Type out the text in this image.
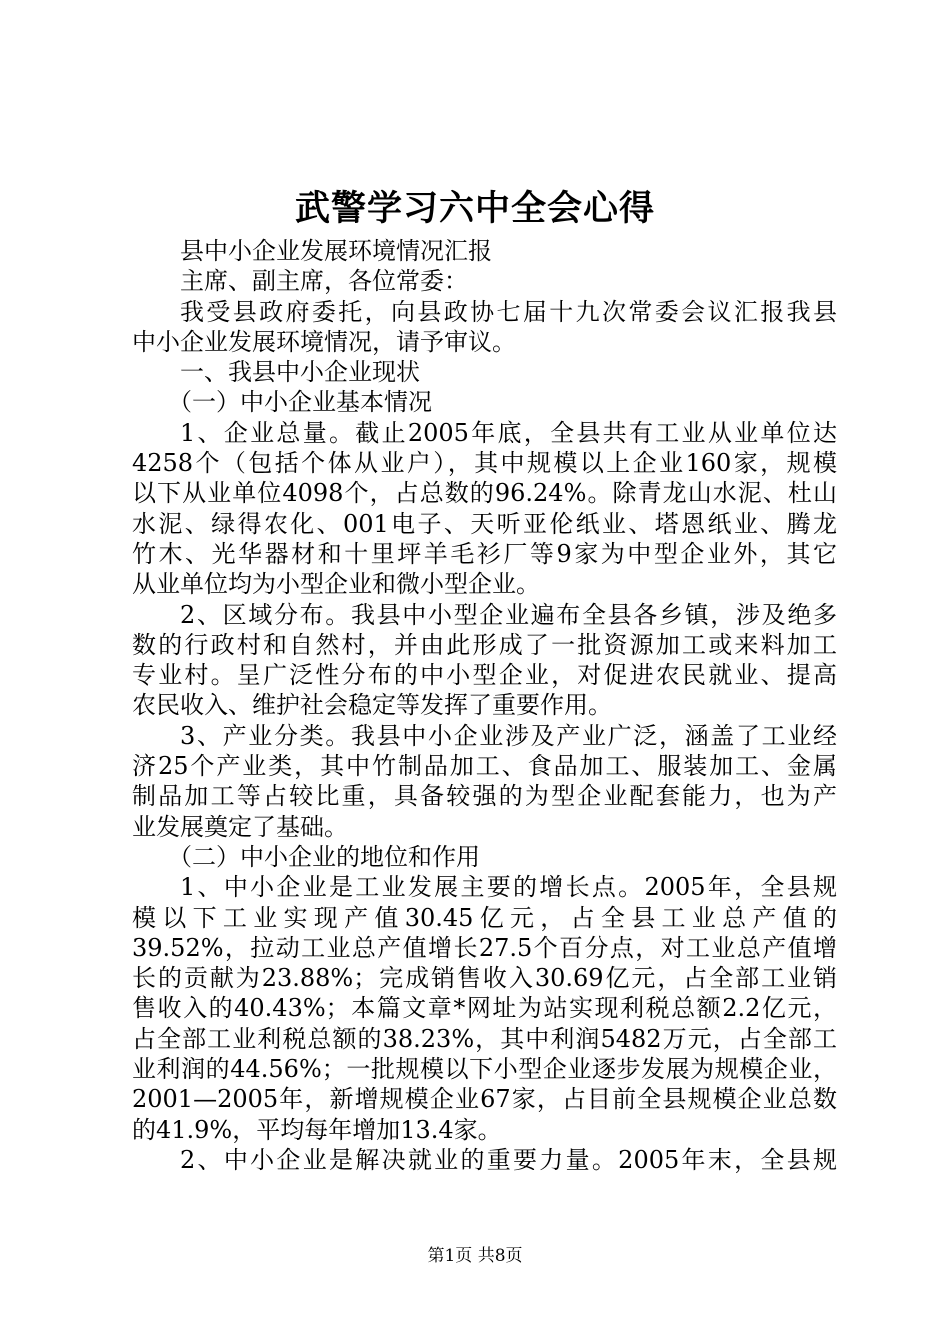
武警学习六中全会心得
县中小企业发展环境情况汇报
主席、副主席，各位常委：
我受县政府委托，向县政协七届十九次常委会议汇报我县
中小企业发展环境情况，请予审议。
一、我县中小企业现状
（一）中小企业基本情况
1、企业总量。截止2005年底，全县共有工业从业单位达
4258个（包括个体从业户），其中规模以上企业160家，规模
以下从业单位4098个，占总数的96.24%。除青龙山水泥、杜山
水泥、绿得农化、001电子、天听亚伦纸业、塔恩纸业、腾龙
竹木、光华器材和十里坪羊毛衫厂等9家为中型企业外，其它
从业单位均为小型企业和微小型企业。
2、区域分布。我县中小型企业遍布全县各乡镇，涉及绝多
数的行政村和自然村，并由此形成了一批资源加工或来料加工
专业村。呈广泛性分布的中小型企业，对促进农民就业、提高
农民收入、维护社会稳定等发挥了重要作用。
3、产业分类。我县中小企业涉及产业广泛，涵盖了工业经
济25个产业类，其中竹制品加工、食品加工、服装加工、金属
制品加工等占较比重，具备较强的为型企业配套能力，也为产
业发展奠定了基础。
（二）中小企业的地位和作用
1、中小企业是工业发展主要的增长点。2005年，全县规
模以下工业实现产值30.45亿元，占全县工业总产值的
39.52%，拉动工业总产值增长27.5个百分点，对工业总产值增
长的贡献为23.88%；完成销售收入30.69亿元，占全部工业销
售收入的40.43%；本篇文章*网址为站实现利税总额2.2亿元，
占全部工业利税总额的38.23%，其中利润5482万元，占全部工
业利润的44.56%；一批规模以下小型企业逐步发展为规模企业，
2001—2005年，新增规模企业67家，占目前全县规模企业总数
的41.9%，平均每年增加13.4家。
2、中小企业是解决就业的重要力量。2005年末，全县规
第1页 共8页
